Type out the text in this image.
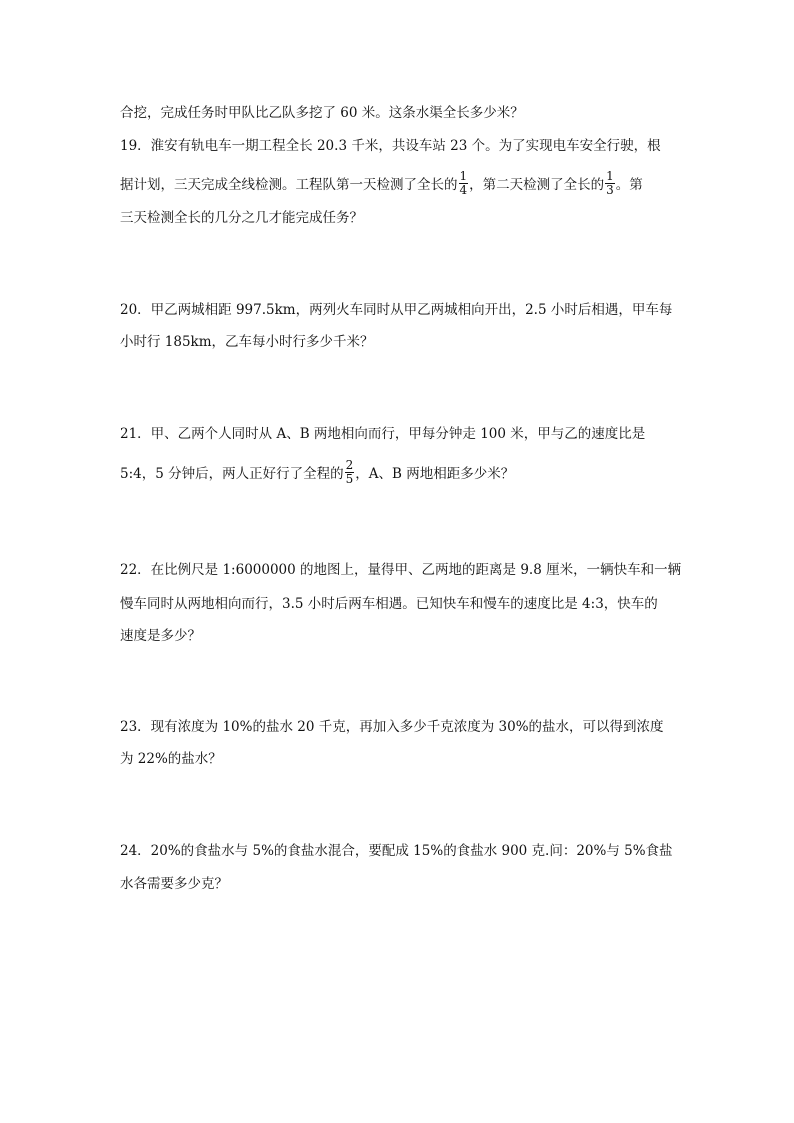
合挖，完成任务时甲队比乙队多挖了 60 米。这条水渠全长多少米？
19．淮安有轨电车一期工程全长 20.3 千米，共设车站 23 个。为了实现电车安全行驶，根
据计划，三天完成全线检测。工程队第一天检测了全长的 $\frac{1}{4}$ ，第二天检测了全长的 $\frac{1}{3}$ 。第
三天检测全长的几分之几才能完成任务？
20．甲乙两城相距 997.5km，两列火车同时从甲乙两城相向开出，2.5 小时后相遇，甲车每
小时行 185km，乙车每小时行多少千米？
21．甲、乙两个人同时从 A、B 两地相向而行，甲每分钟走 100 米，甲与乙的速度比是
5:4，5 分钟后，两人正好行了全程的 $\frac{2}{5}$ ，A、B 两地相距多少米？
22．在比例尺是 1:6000000 的地图上，量得甲、乙两地的距离是 9.8 厘米，一辆快车和一辆
慢车同时从两地相向而行，3.5 小时后两车相遇。已知快车和慢车的速度比是 4:3，快车的
速度是多少？
23．现有浓度为 10%的盐水 20 千克，再加入多少千克浓度为 30%的盐水，可以得到浓度
为 22%的盐水？
24．20%的食盐水与 5%的食盐水混合，要配成 15%的食盐水 900 克.问：20%与 5%食盐
水各需要多少克？
